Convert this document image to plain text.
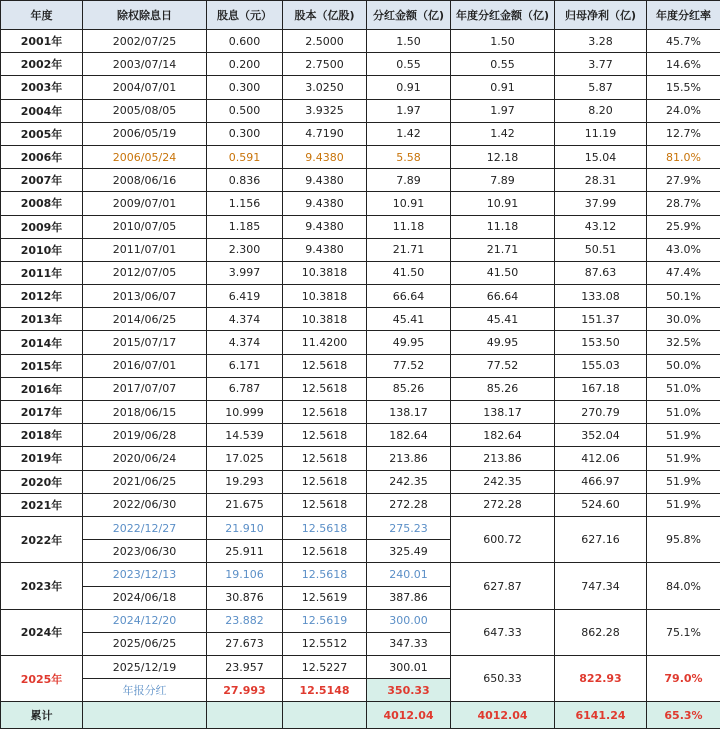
年度	除权除息日	股息（元）	股本（亿股)	分红金额（亿)	年度分红金额（亿)	归母净利（亿)	年度分红率
2001年	2002/07/25	0.600	2.5000	1.50	1.50	3.28	45.7%
2002年	2003/07/14	0.200	2.7500	0.55	0.55	3.77	14.6%
2003年	2004/07/01	0.300	3.0250	0.91	0.91	5.87	15.5%
2004年	2005/08/05	0.500	3.9325	1.97	1.97	8.20	24.0%
2005年	2006/05/19	0.300	4.7190	1.42	1.42	11.19	12.7%
2006年	2006/05/24	0.591	9.4380	5.58	12.18	15.04	81.0%
2007年	2008/06/16	0.836	9.4380	7.89	7.89	28.31	27.9%
2008年	2009/07/01	1.156	9.4380	10.91	10.91	37.99	28.7%
2009年	2010/07/05	1.185	9.4380	11.18	11.18	43.12	25.9%
2010年	2011/07/01	2.300	9.4380	21.71	21.71	50.51	43.0%
2011年	2012/07/05	3.997	10.3818	41.50	41.50	87.63	47.4%
2012年	2013/06/07	6.419	10.3818	66.64	66.64	133.08	50.1%
2013年	2014/06/25	4.374	10.3818	45.41	45.41	151.37	30.0%
2014年	2015/07/17	4.374	11.4200	49.95	49.95	153.50	32.5%
2015年	2016/07/01	6.171	12.5618	77.52	77.52	155.03	50.0%
2016年	2017/07/07	6.787	12.5618	85.26	85.26	167.18	51.0%
2017年	2018/06/15	10.999	12.5618	138.17	138.17	270.79	51.0%
2018年	2019/06/28	14.539	12.5618	182.64	182.64	352.04	51.9%
2019年	2020/06/24	17.025	12.5618	213.86	213.86	412.06	51.9%
2020年	2021/06/25	19.293	12.5618	242.35	242.35	466.97	51.9%
2021年	2022/06/30	21.675	12.5618	272.28	272.28	524.60	51.9%
2022年	2022/12/27	21.910	12.5618	275.23	600.72	627.16	95.8%
	2023/06/30	25.911	12.5618	325.49			
2023年	2023/12/13	19.106	12.5618	240.01	627.87	747.34	84.0%
	2024/06/18	30.876	12.5619	387.86			
2024年	2024/12/20	23.882	12.5619	300.00	647.33	862.28	75.1%
	2025/06/25	27.673	12.5512	347.33			
2025年	2025/12/19	23.957	12.5227	300.01	650.33	822.93	79.0%
	年报分红	27.993	12.5148	350.33			
累计				4012.04	4012.04	6141.24	65.3%
